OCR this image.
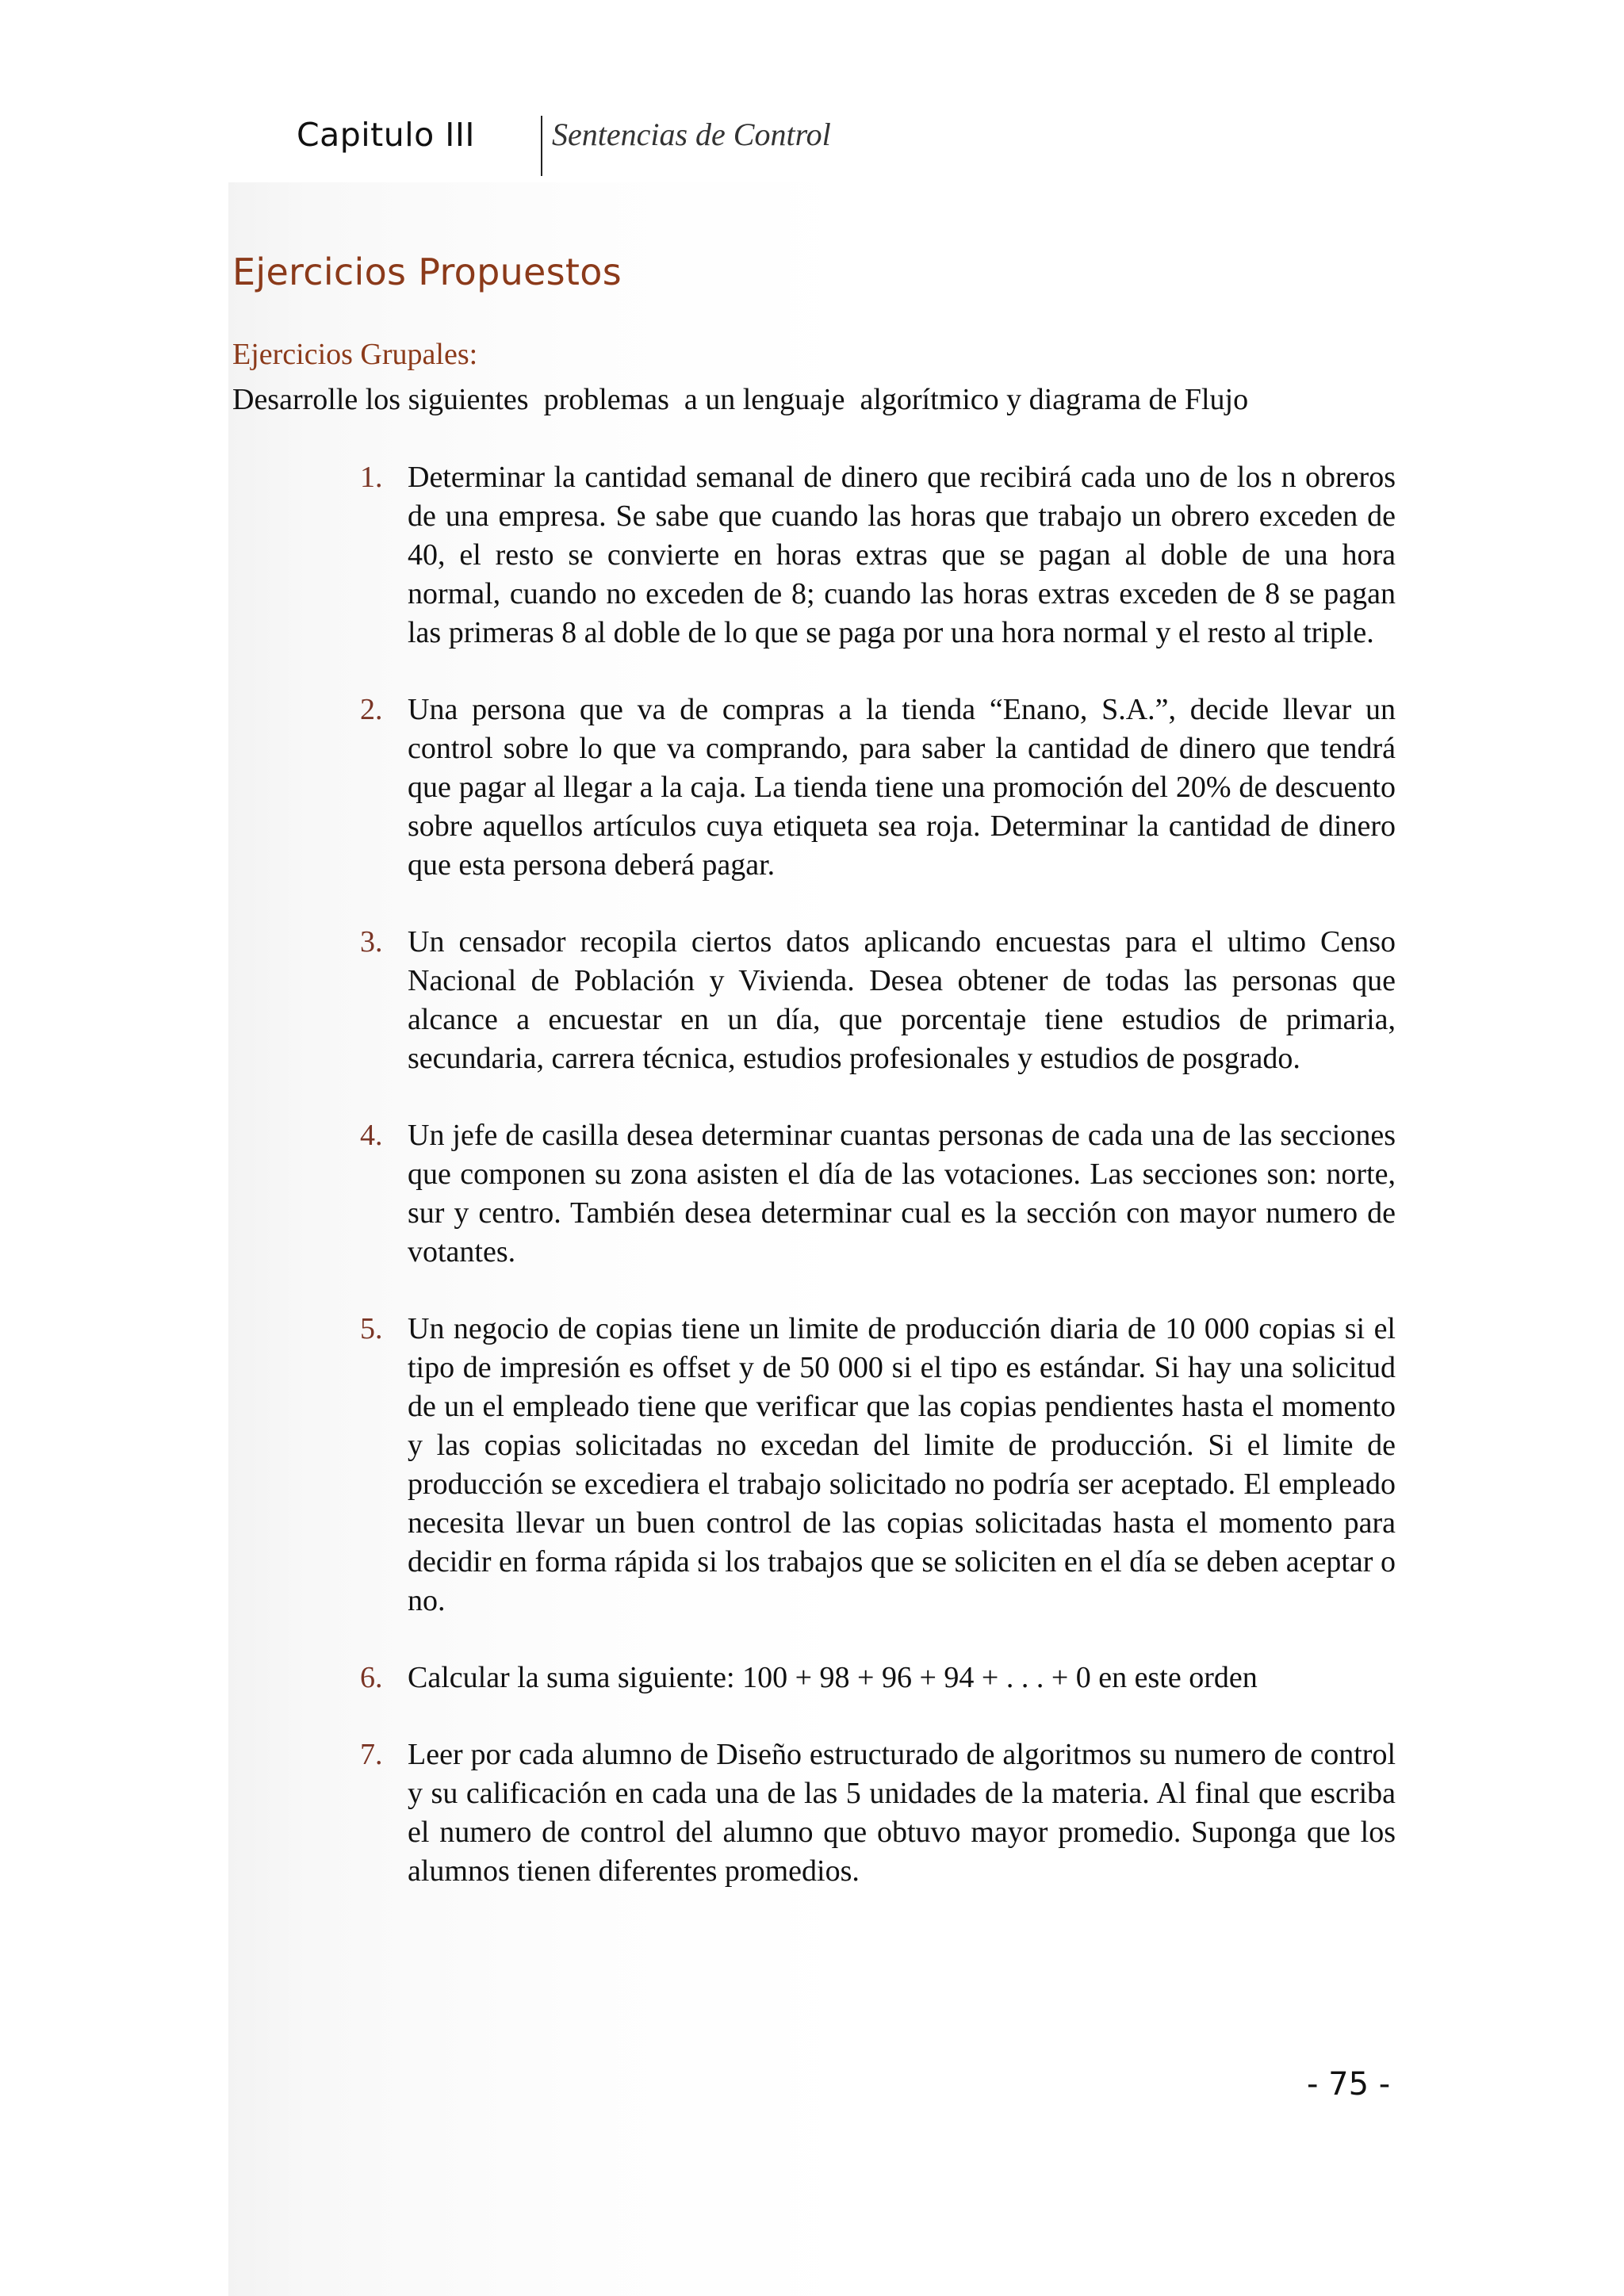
Capitulo III Sentencias de Control
Ejercicios Propuestos
Ejercicios Grupales:
Desarrolle los siguientes  problemas  a un lenguaje  algorítmico y diagrama de Flujo
1. Determinar la cantidad semanal de dinero que recibirá cada uno de los n obreros de una empresa. Se sabe que cuando las horas que trabajo un obrero exceden de 40, el resto se convierte en horas extras que se pagan al doble de una hora normal, cuando no exceden de 8; cuando las horas extras exceden de 8 se pagan las primeras 8 al doble de lo que se paga por una hora normal y el resto al triple.
2. Una persona que va de compras a la tienda “Enano, S.A.”, decide llevar un control sobre lo que va comprando, para saber la cantidad de dinero que tendrá que pagar al llegar a la caja. La tienda tiene una promoción del 20% de descuento sobre aquellos artículos cuya etiqueta sea roja. Determinar la cantidad de dinero que esta persona deberá pagar.
3. Un censador recopila ciertos datos aplicando encuestas para el ultimo Censo Nacional de Población y Vivienda. Desea obtener de todas las personas que alcance a encuestar en un día, que porcentaje tiene estudios de primaria, secundaria, carrera técnica, estudios profesionales y estudios de posgrado.
4. Un jefe de casilla desea determinar cuantas personas de cada una de las secciones que componen su zona asisten el día de las votaciones. Las secciones son: norte, sur y centro. También desea determinar cual es la sección con mayor numero de votantes.
5. Un negocio de copias tiene un limite de producción diaria de 10 000 copias si el tipo de impresión es offset y de 50 000 si el tipo es estándar. Si hay una solicitud de un el empleado tiene que verificar que las copias pendientes hasta el momento y las copias solicitadas no excedan del limite de producción. Si el limite de producción se excediera el trabajo solicitado no podría ser aceptado. El empleado necesita llevar un buen control de las copias solicitadas hasta el momento para decidir en forma rápida si los trabajos que se soliciten en el día se deben aceptar o no.
6. Calcular la suma siguiente: 100 + 98 + 96 + 94 + . . . + 0 en este orden
7. Leer por cada alumno de Diseño estructurado de algoritmos su numero de control y su calificación en cada una de las 5 unidades de la materia. Al final que escriba el numero de control del alumno que obtuvo mayor promedio. Suponga que los alumnos tienen diferentes promedios.
- 75 -
